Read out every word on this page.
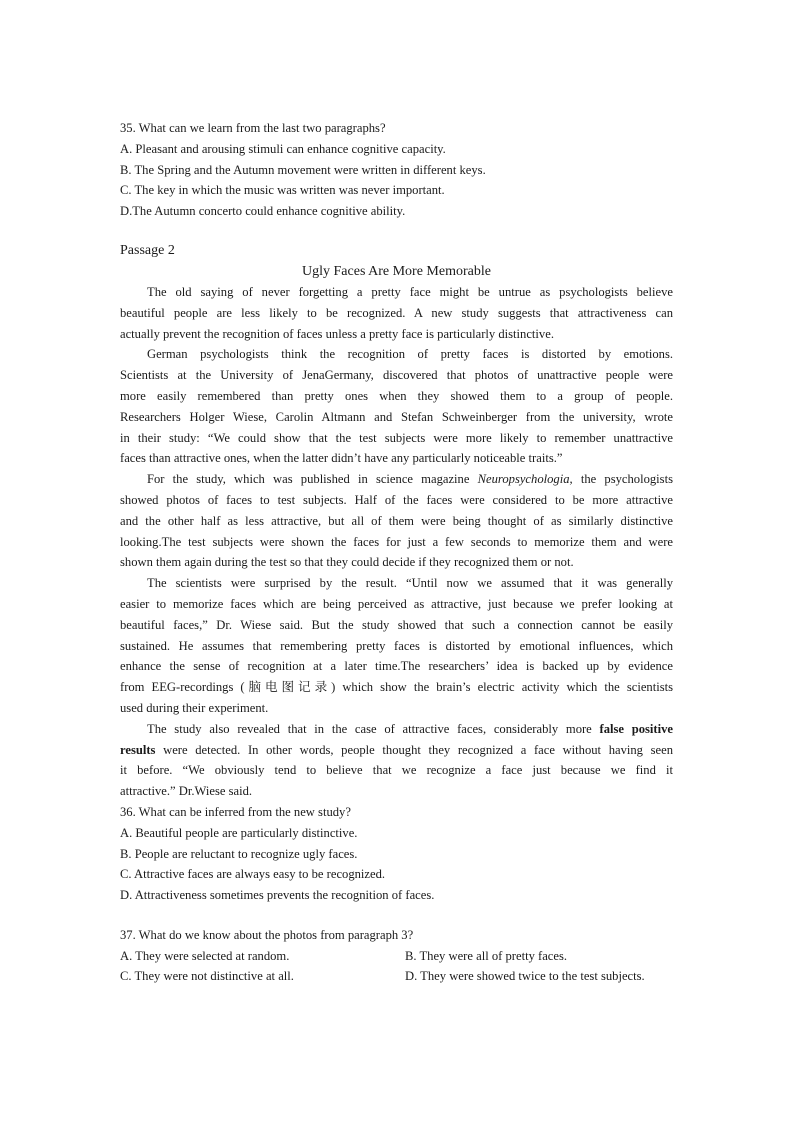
35. What can we learn from the last two paragraphs?
A. Pleasant and arousing stimuli can enhance cognitive capacity.
B. The Spring and the Autumn movement were written in different keys.
C. The key in which the music was written was never important.
D.The Autumn concerto could enhance cognitive ability.
Passage 2
Ugly Faces Are More Memorable
The old saying of never forgetting a pretty face might be untrue as psychologists believe
beautiful people are less likely to be recognized. A new study suggests that attractiveness can
actually prevent the recognition of faces unless a pretty face is particularly distinctive.
German psychologists think the recognition of pretty faces is distorted by emotions.
Scientists at the University of JenaGermany, discovered that photos of unattractive people were
more easily remembered than pretty ones when they showed them to a group of people.
Researchers Holger Wiese, Carolin Altmann and Stefan Schweinberger from the university, wrote
in their study: “We could show that the test subjects were more likely to remember unattractive
faces than attractive ones, when the latter didn’t have any particularly noticeable traits.”
For the study, which was published in science magazine Neuropsychologia, the psychologists
showed photos of faces to test subjects. Half of the faces were considered to be more attractive
and the other half as less attractive, but all of them were being thought of as similarly distinctive
looking.The test subjects were shown the faces for just a few seconds to memorize them and were
shown them again during the test so that they could decide if they recognized them or not.
The scientists were surprised by the result. “Until now we assumed that it was generally
easier to memorize faces which are being perceived as attractive, just because we prefer looking at
beautiful faces,” Dr. Wiese said. But the study showed that such a connection cannot be easily
sustained. He assumes that remembering pretty faces is distorted by emotional influences, which
enhance the sense of recognition at a later time.The researchers’ idea is backed up by evidence
from EEG-recordings (脑电图记录) which show the brain’s electric activity which the scientists
used during their experiment.
The study also revealed that in the case of attractive faces, considerably more false positive
results were detected. In other words, people thought they recognized a face without having seen
it before. “We obviously tend to believe that we recognize a face just because we find it
attractive.” Dr.Wiese said.
36. What can be inferred from the new study?
A. Beautiful people are particularly distinctive.
B. People are reluctant to recognize ugly faces.
C. Attractive faces are always easy to be recognized.
D. Attractiveness sometimes prevents the recognition of faces.
37. What do we know about the photos from paragraph 3?
A. They were selected at random.	B. They were all of pretty faces.
C. They were not distinctive at all.	D. They were showed twice to the test subjects.
